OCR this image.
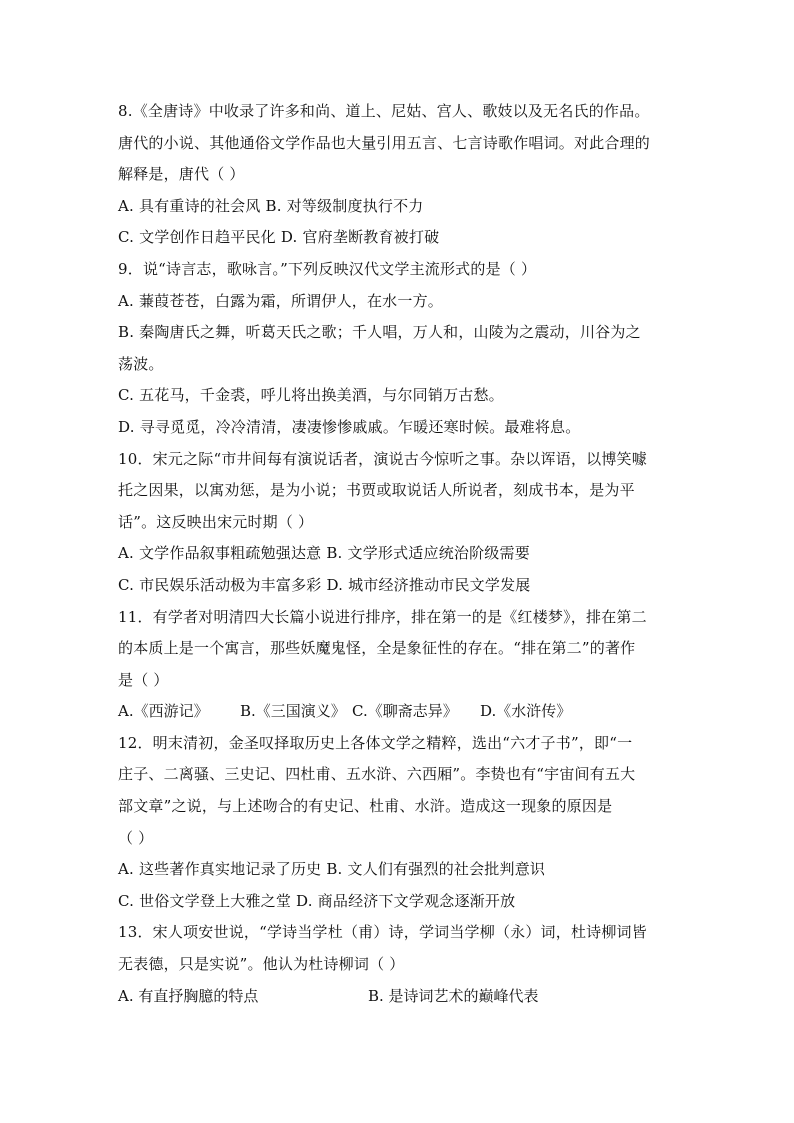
8.《全唐诗》中收录了许多和尚、道上、尼姑、宫人、歌妓以及无名氏的作品。
唐代的小说、其他通俗文学作品也大量引用五言、七言诗歌作唱词。对此合理的
解释是，唐代（ ）
A. 具有重诗的社会风 B. 对等级制度执行不力
C. 文学创作日趋平民化 D. 官府垄断教育被打破
9．说“诗言志，歌咏言。”下列反映汉代文学主流形式的是（ ）
A. 蒹葭苍苍，白露为霜，所谓伊人，在水一方。
B. 秦陶唐氏之舞，听葛天氏之歌；千人唱，万人和，山陵为之震动，川谷为之
荡波。
C. 五花马，千金裘，呼儿将出换美酒，与尔同销万古愁。
D. 寻寻觅觅，冷冷清清，凄凄惨惨戚戚。乍暖还寒时候。最难将息。
10．宋元之际“市井间每有演说话者，演说古今惊听之事。杂以诨语，以博笑噱
托之因果，以寓劝惩，是为小说；书贾或取说话人所说者，刻成书本，是为平
话”。这反映出宋元时期（ ）
A. 文学作品叙事粗疏勉强达意 B. 文学形式适应统治阶级需要
C. 市民娱乐活动极为丰富多彩 D. 城市经济推动市民文学发展
11．有学者对明清四大长篇小说进行排序，排在第一的是《红楼梦》，排在第二
的本质上是一个寓言，那些妖魔鬼怪，全是象征性的存在。“排在第二”的著作
是（ ）
A.《西游记》	B.《三国演义》 C.《聊斋志异》	D.《水浒传》
12．明末清初，金圣叹择取历史上各体文学之精粹，选出“六才子书”，即“一
庄子、二离骚、三史记、四杜甫、五水浒、六西厢”。李贽也有“宇宙间有五大
部文章”之说，与上述吻合的有史记、杜甫、水浒。造成这一现象的原因是
（ ）
A. 这些著作真实地记录了历史 B. 文人们有强烈的社会批判意识
C. 世俗文学登上大雅之堂 D. 商品经济下文学观念逐渐开放
13．宋人项安世说，“学诗当学杜（甫）诗，学词当学柳（永）词，杜诗柳词皆
无表德，只是实说”。他认为杜诗柳词（ ）
A. 有直抒胸臆的特点	B. 是诗词艺术的巅峰代表
